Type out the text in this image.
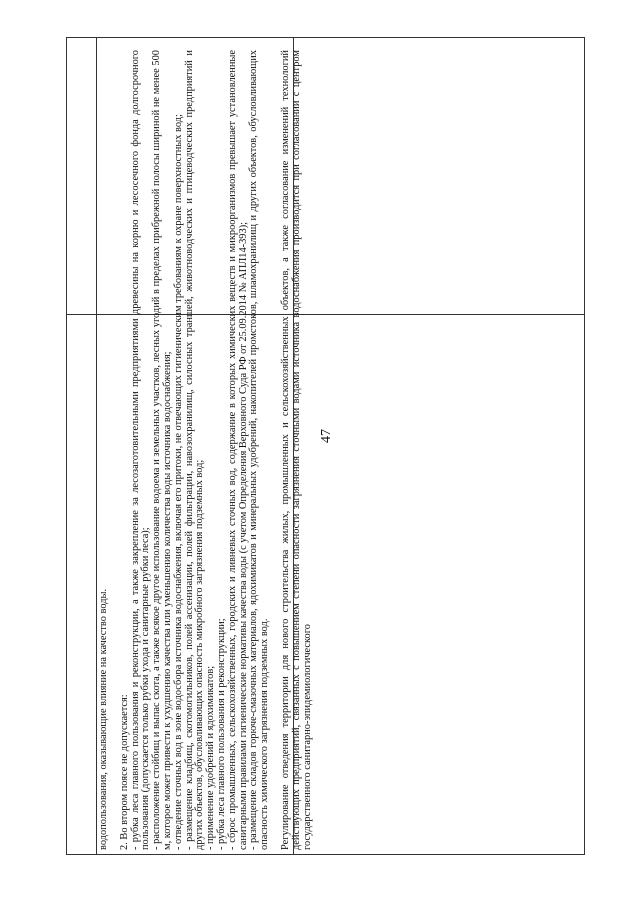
47

водопользования, оказывающие влияние на качество воды. 2. Во втором поясе не допускается: - рубка леса главного пользования и реконструкции, а также закрепление за лесозаготовительными предприятиями древесины на корню и лесосечного фонда долгосрочного пользования (допускается только рубки ухода и санитарные рубки леса); - расположение стойбищ и выпас скота, а также всякое другое использование водоема и земельных участков, лесных угодий в пределах прибрежной полосы шириной не менее 500 м, которое может привести к ухудшению качества или уменьшению количества воды источника водоснабжения; - отведение сточных вод в зоне водосбора источника водоснабжения, включая его притоки, не отвечающих гигиеническим требованиям к охране поверхностных вод; - размещение кладбищ, скотомогильников, полей ассенизации, полей фильтрации, навозохранилищ, силосных траншей, животноводческих и птицеводческих предприятий и других объектов, обусловливающих опасность микробного загрязнения подземных вод; - применение удобрений и ядохимикатов; - рубка леса главного пользования и реконструкции; - сброс промышленных, сельскохозяйственных, городских и ливневых сточных вод, содержание в которых химических веществ и микроорганизмов превышает установленные санитарными правилами гигиенические нормативы качества воды (с учетом Определения Верховного Суда РФ от 25.09.2014 № АПЛ14-393); - размещение складов горюче-смазочных материалов, ядохимикатов и минеральных удобрений, накопителей промстоков, шламохранилищ и других объектов, обусловливающих опасность химического загрязнения подземных вод. Регулирование отведения территории для нового строительства жилых, промышленных и сельскохозяйственных объектов, а также согласование изменений технологий действующих предприятий, связанных с повышением степени опасности загрязнения сточными водами источника водоснабжения производится при согласовании с центром государственного санитарно-эпидемиологического
